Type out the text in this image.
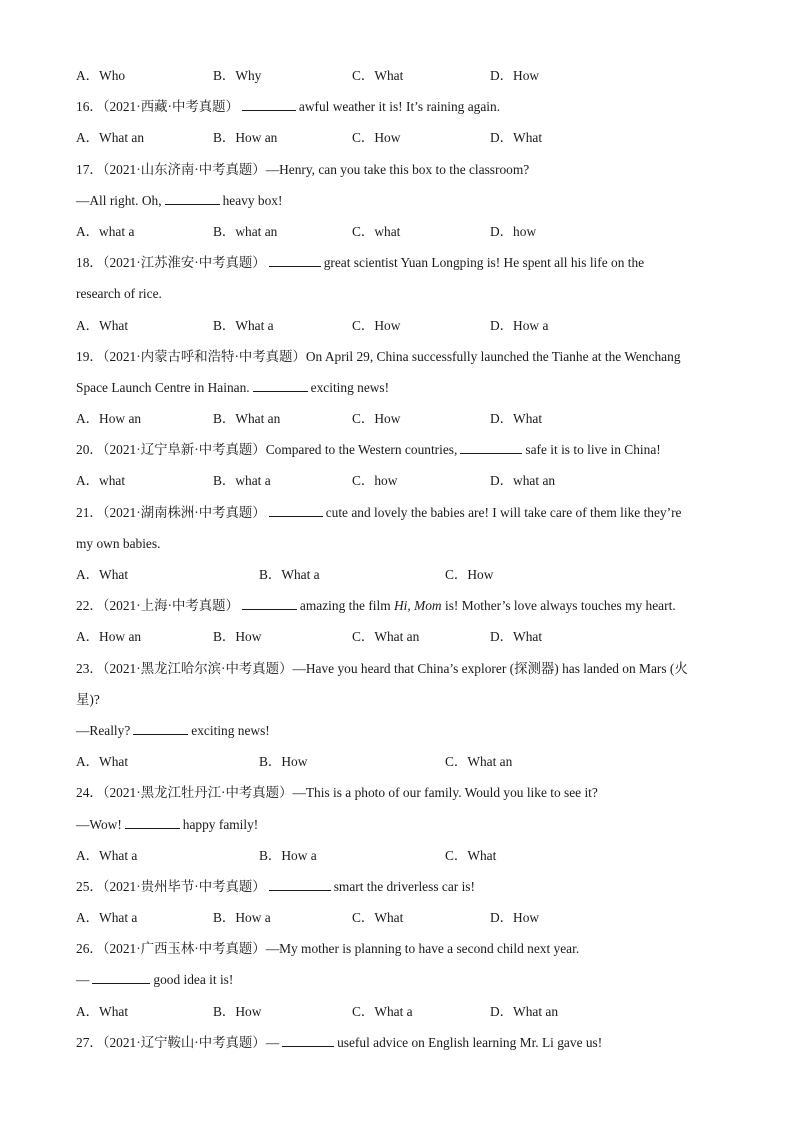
A．Who	B．Why	C．What	D．How
16．（2021·西藏·中考真题）	awful weather it is! It’s raining again.
A．What an	B．How an	C．How	D．What
17．（2021·山东济南·中考真题）—Henry, can you take this box to the classroom?
—All right. Oh,	heavy box!
A．what a	B．what an	C．what	D．how
18．（2021·江苏淮安·中考真题）	great scientist Yuan Longping is! He spent all his life on the
research of rice.
A．What	B．What a	C．How	D．How a
19．（2021·内蒙古呼和浩特·中考真题）On April 29, China successfully launched the Tianhe at the Wenchang
Space Launch Centre in Hainan.	exciting news!
A．How an	B．What an	C．How	D．What
20．（2021·辽宁阜新·中考真题）Compared to the Western countries,	safe it is to live in China!
A．what	B．what a	C．how	D．what an
21．（2021·湖南株洲·中考真题）	cute and lovely the babies are! I will take care of them like they’re
my own babies.
A．What	B．What a	C．How
22．（2021·上海·中考真题）	amazing the film Hi, Mom is! Mother’s love always touches my heart.
A．How an	B．How	C．What an	D．What
23．（2021·黑龙江哈尔滨·中考真题）—Have you heard that China’s explorer (探测器) has landed on Mars (火
星)?
—Really?	exciting news!
A．What	B．How	C．What an
24．（2021·黑龙江牡丹江·中考真题）—This is a photo of our family. Would you like to see it?
—Wow!	happy family!
A．What a	B．How a	C．What
25．（2021·贵州毕节·中考真题）	smart the driverless car is!
A．What a	B．How a	C．What	D．How
26．（2021·广西玉林·中考真题）—My mother is planning to have a second child next year.
—	good idea it is!
A．What	B．How	C．What a	D．What an
27．（2021·辽宁鞍山·中考真题）—	useful advice on English learning Mr. Li gave us!
